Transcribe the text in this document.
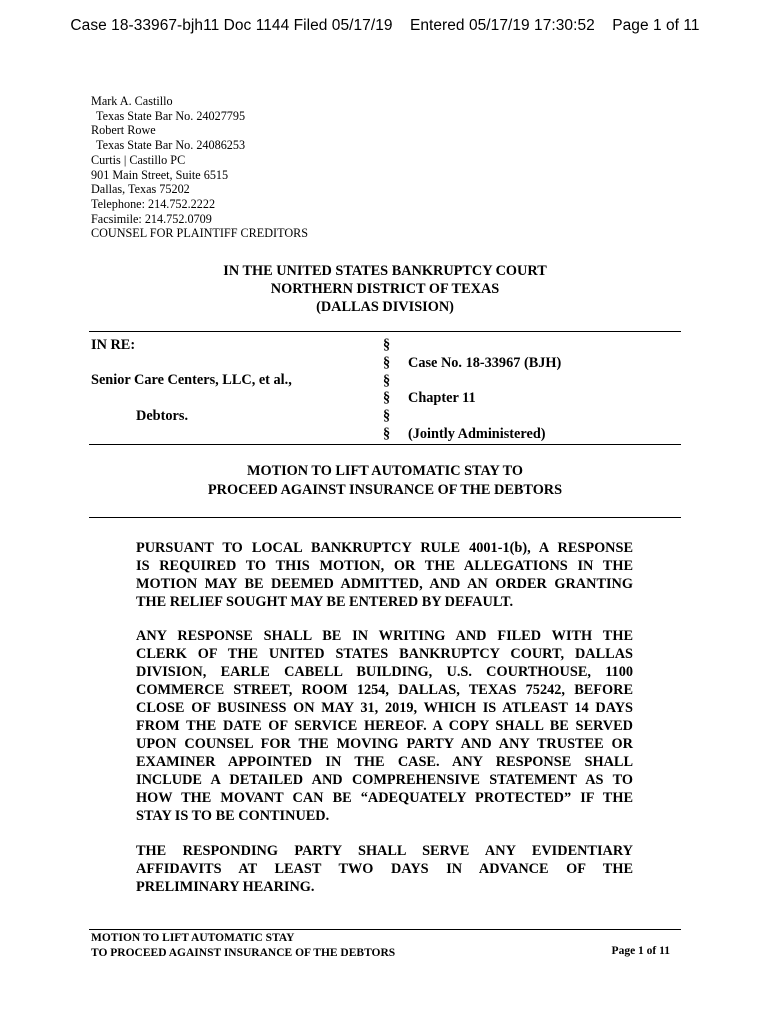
Case 18-33967-bjh11 Doc 1144 Filed 05/17/19    Entered 05/17/19 17:30:52    Page 1 of 11
Mark A. Castillo
Texas State Bar No. 24027795
Robert Rowe
Texas State Bar No. 24086253
Curtis | Castillo PC
901 Main Street, Suite 6515
Dallas, Texas 75202
Telephone: 214.752.2222
Facsimile: 214.752.0709
COUNSEL FOR PLAINTIFF CREDITORS
IN THE UNITED STATES BANKRUPTCY COURT
NORTHERN DISTRICT OF TEXAS
(DALLAS DIVISION)
IN RE:
Senior Care Centers, LLC, et al.,
Debtors.
§
§
§
§
§
§
Case No. 18-33967 (BJH)
Chapter 11
(Jointly Administered)
MOTION TO LIFT AUTOMATIC STAY TO
PROCEED AGAINST INSURANCE OF THE DEBTORS
PURSUANT TO LOCAL BANKRUPTCY RULE 4001-1(b), A RESPONSE
IS REQUIRED TO THIS MOTION, OR THE ALLEGATIONS IN THE
MOTION MAY BE DEEMED ADMITTED, AND AN ORDER GRANTING
THE RELIEF SOUGHT MAY BE ENTERED BY DEFAULT.
ANY RESPONSE SHALL BE IN WRITING AND FILED WITH THE
CLERK OF THE UNITED STATES BANKRUPTCY COURT, DALLAS
DIVISION, EARLE CABELL BUILDING, U.S. COURTHOUSE, 1100
COMMERCE STREET, ROOM 1254, DALLAS, TEXAS 75242, BEFORE
CLOSE OF BUSINESS ON MAY 31, 2019, WHICH IS ATLEAST 14 DAYS
FROM THE DATE OF SERVICE HEREOF. A COPY SHALL BE SERVED
UPON COUNSEL FOR THE MOVING PARTY AND ANY TRUSTEE OR
EXAMINER APPOINTED IN THE CASE. ANY RESPONSE SHALL
INCLUDE A DETAILED AND COMPREHENSIVE STATEMENT AS TO
HOW THE MOVANT CAN BE “ADEQUATELY PROTECTED” IF THE
STAY IS TO BE CONTINUED.
THE RESPONDING PARTY SHALL SERVE ANY EVIDENTIARY
AFFIDAVITS AT LEAST TWO DAYS IN ADVANCE OF THE
PRELIMINARY HEARING.
MOTION TO LIFT AUTOMATIC STAY
TO PROCEED AGAINST INSURANCE OF THE DEBTORS	Page 1 of 11
